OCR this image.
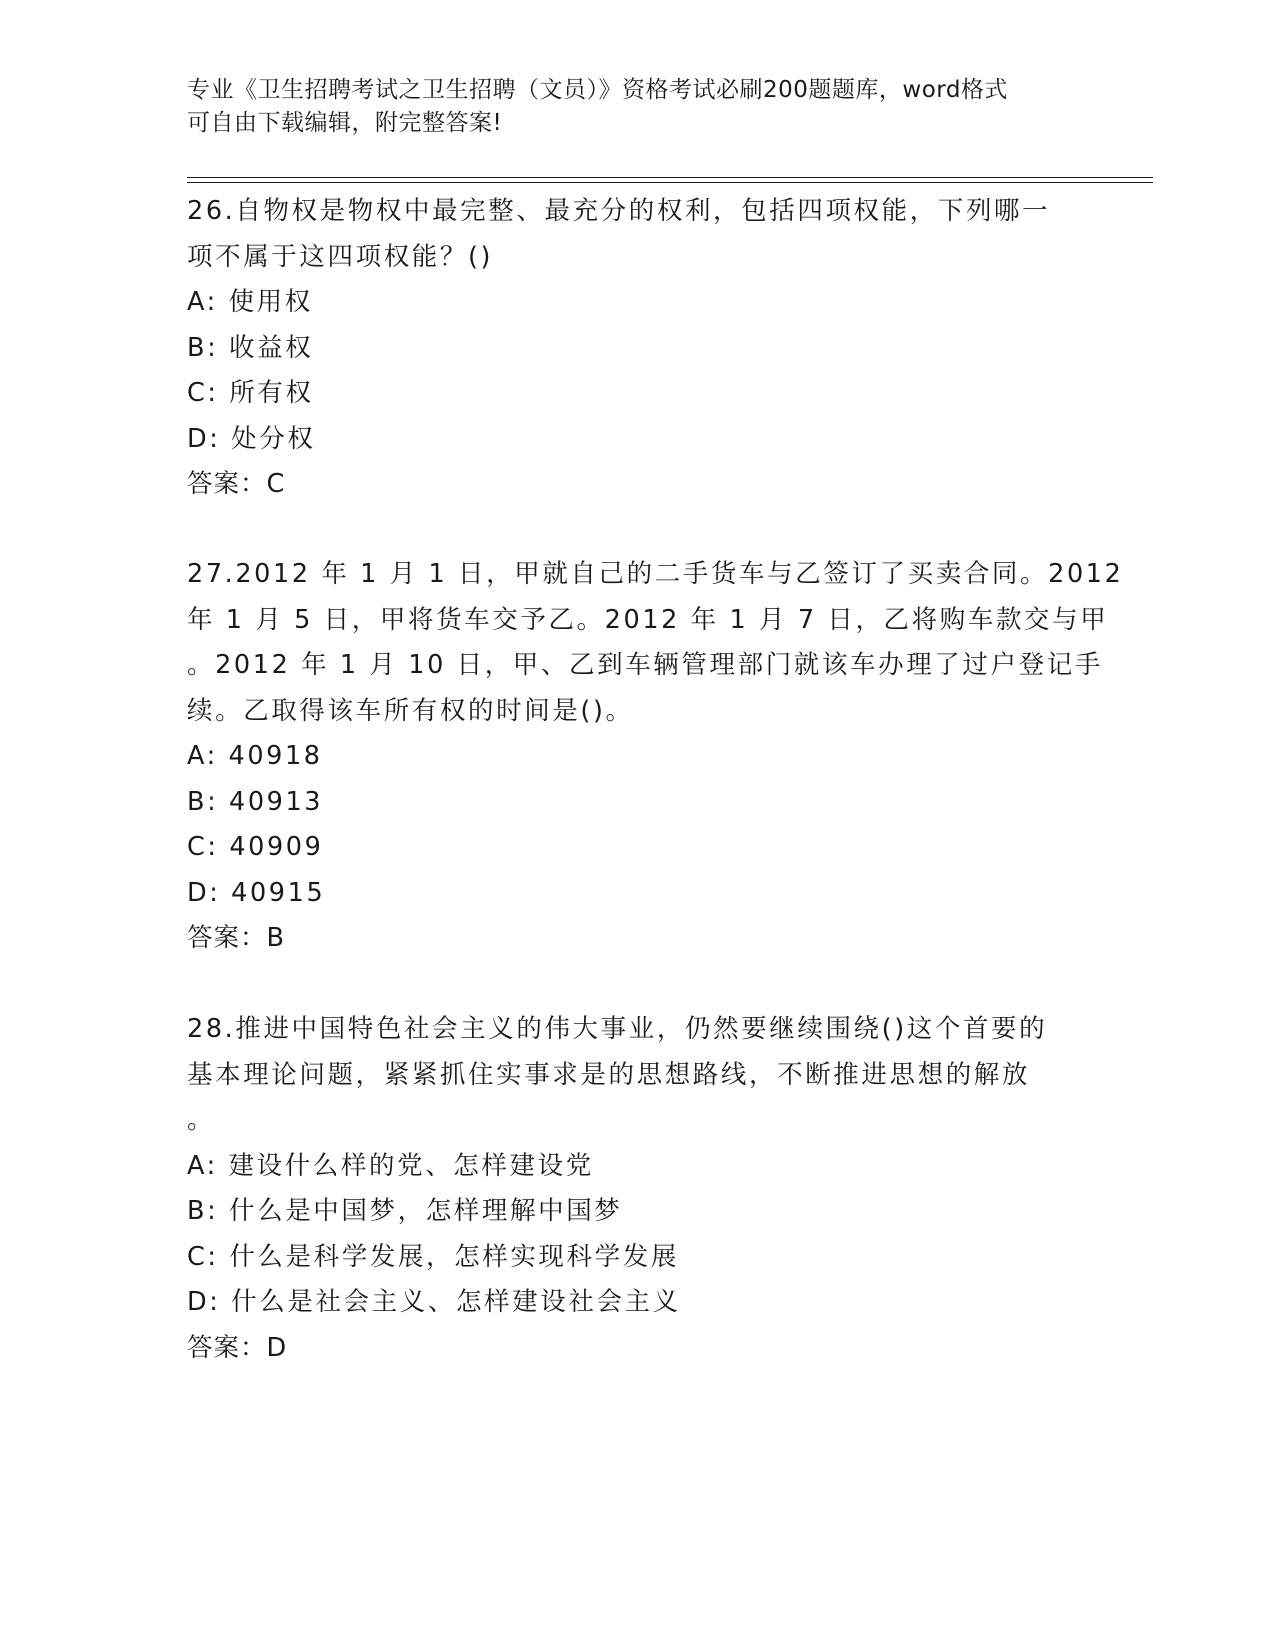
专业《卫生招聘考试之卫生招聘（文员）》资格考试必刷200题题库，word格式
可自由下载编辑，附完整答案!
26.自物权是物权中最完整、最充分的权利，包括四项权能，下列哪一
项不属于这四项权能？()
A: 使用权
B: 收益权
C: 所有权
D: 处分权
答案：C
27.2012 年 1 月 1 日，甲就自己的二手货车与乙签订了买卖合同。2012
年 1 月 5 日，甲将货车交予乙。2012 年 1 月 7 日，乙将购车款交与甲
。2012 年 1 月 10 日，甲、乙到车辆管理部门就该车办理了过户登记手
续。乙取得该车所有权的时间是()。
A: 40918
B: 40913
C: 40909
D: 40915
答案：B
28.推进中国特色社会主义的伟大事业，仍然要继续围绕()这个首要的
基本理论问题，紧紧抓住实事求是的思想路线，不断推进思想的解放
。
A: 建设什么样的党、怎样建设党
B: 什么是中国梦，怎样理解中国梦
C: 什么是科学发展，怎样实现科学发展
D: 什么是社会主义、怎样建设社会主义
答案：D
